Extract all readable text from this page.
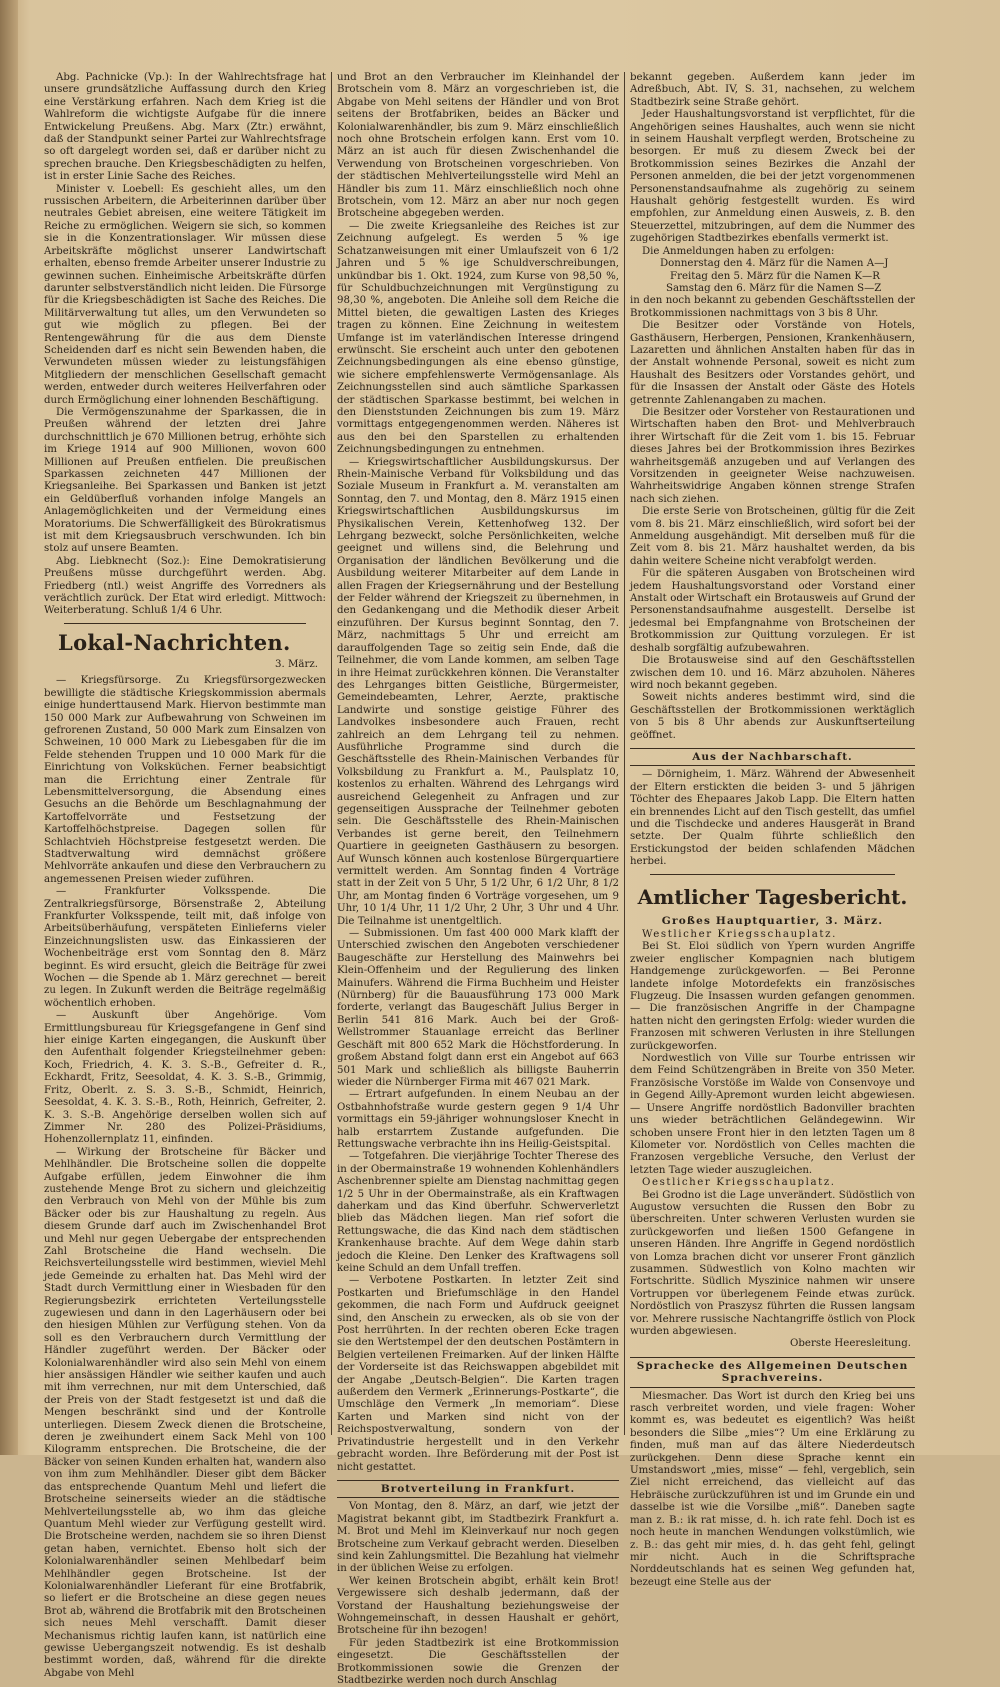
Abg. Pachnicke (Vp.): In der Wahlrechtsfrage hat unsere grundsätzliche Auffassung durch den Krieg eine Verstärkung erfahren. Nach dem Krieg ist die Wahlreform die wichtigste Aufgabe für die innere Entwickelung Preußens. Abg. Marx (Ztr.) erwähnt, daß der Standpunkt seiner Partei zur Wahlrechtsfrage so oft dargelegt worden sei, daß er darüber nicht zu sprechen brauche. Den Kriegsbeschädigten zu helfen, ist in erster Linie Sache des Reiches.

Minister v. Loebell: Es geschieht alles, um den russischen Arbeitern, die Arbeiterinnen darüber über neutrales Gebiet abreisen, eine weitere Tätigkeit im Reiche zu ermöglichen. Weigern sie sich, so kommen sie in die Konzentrationslager. Wir müssen diese Arbeitskräfte möglichst unserer Landwirtschaft erhalten, ebenso fremde Arbeiter unserer Industrie zu gewinnen suchen. Einheimische Arbeitskräfte dürfen darunter selbstverständlich nicht leiden. Die Fürsorge für die Kriegsbeschädigten ist Sache des Reiches. Die Militärverwaltung tut alles, um den Verwundeten so gut wie möglich zu pflegen. Bei der Rentengewährung für die aus dem Dienste Scheidenden darf es nicht sein Bewenden haben, die Verwundeten müssen wieder zu leistungsfähigen Mitgliedern der menschlichen Gesellschaft gemacht werden, entweder durch weiteres Heilverfahren oder durch Ermöglichung einer lohnenden Beschäftigung.

Die Vermögenszunahme der Sparkassen, die in Preußen während der letzten drei Jahre durchschnittlich je 670 Millionen betrug, erhöhte sich im Kriege 1914 auf 900 Millionen, wovon 600 Millionen auf Preußen entfielen. Die preußischen Sparkassen zeichneten 447 Millionen der Kriegsanleihe. Bei Sparkassen und Banken ist jetzt ein Geldüberfluß vorhanden infolge Mangels an Anlagemöglichkeiten und der Vermeidung eines Moratoriums. Die Schwerfälligkeit des Bürokratismus ist mit dem Kriegsausbruch verschwunden. Ich bin stolz auf unsere Beamten.

Abg. Liebknecht (Soz.): Eine Demokratisierung Preußens müsse durchgeführt werden. Abg. Friedberg (ntl.) weist Angriffe des Vorredners als verächtlich zurück. Der Etat wird erledigt. Mittwoch: Weiterberatung. Schluß 1/4 6 Uhr.

Lokal-Nachrichten.
3. März.

— Kriegsfürsorge. Zu Kriegsfürsorgezwecken bewilligte die städtische Kriegskommission abermals einige hunderttausend Mark. Hiervon bestimmte man 150 000 Mark zur Aufbewahrung von Schweinen im gefrorenen Zustand, 50 000 Mark zum Einsalzen von Schweinen, 10 000 Mark zu Liebesgaben für die im Felde stehenden Truppen und 10 000 Mark für die Einrichtung von Volksküchen. Ferner beabsichtigt man die Errichtung einer Zentrale für Lebensmittelversorgung, die Absendung eines Gesuchs an die Behörde um Beschlagnahmung der Kartoffelvorräte und Festsetzung der Kartoffelhöchstpreise. Dagegen sollen für Schlachtvieh Höchstpreise festgesetzt werden. Die Stadtverwaltung wird demnächst größere Mehlvorräte ankaufen und diese den Verbrauchern zu angemessenen Preisen wieder zuführen.

— Frankfurter Volksspende. Die Zentralkriegsfürsorge, Börsenstraße 2, Abteilung Frankfurter Volksspende, teilt mit, daß infolge von Arbeitsüberhäufung, verspäteten Einlieferns vieler Einzeichnungslisten usw. das Einkassieren der Wochenbeiträge erst vom Sonntag den 8. März beginnt. Es wird ersucht, gleich die Beiträge für zwei Wochen — die Spende ab 1. März gerechnet — bereit zu legen. In Zukunft werden die Beiträge regelmäßig wöchentlich erhoben.

— Auskunft über Angehörige. Vom Ermittlungsbureau für Kriegsgefangene in Genf sind hier einige Karten eingegangen, die Auskunft über den Aufenthalt folgender Kriegsteilnehmer geben: Koch, Friedrich, 4. K. 3. S.-B., Gefreiter d. R., Eckhardt, Fritz, Seesoldat, 4. K. 3. S.-B., Grimmig, Fritz, Oberlt. z. S. 3. S.-B., Schmidt, Heinrich, Seesoldat, 4. K. 3. S.-B., Roth, Heinrich, Gefreiter, 2. K. 3. S.-B. Angehörige derselben wollen sich auf Zimmer Nr. 280 des Polizei-Präsidiums, Hohenzollernplatz 11, einfinden.

— Wirkung der Brotscheine für Bäcker und Mehlhändler. Die Brotscheine sollen die doppelte Aufgabe erfüllen, jedem Einwohner die ihm zustehende Menge Brot zu sichern und gleichzeitig den Verbrauch von Mehl von der Mühle bis zum Bäcker oder bis zur Haushaltung zu regeln. Aus diesem Grunde darf auch im Zwischenhandel Brot und Mehl nur gegen Uebergabe der entsprechenden Zahl Brotscheine die Hand wechseln. Die Reichsverteilungsstelle wird bestimmen, wieviel Mehl jede Gemeinde zu erhalten hat. Das Mehl wird der Stadt durch Vermittlung einer in Wiesbaden für den Regierungsbezirk errichteten Verteilungsstelle zugewiesen und dann in den Lagerhäusern oder bei den hiesigen Mühlen zur Verfügung stehen. Von da soll es den Verbrauchern durch Vermittlung der Händler zugeführt werden. Der Bäcker oder Kolonialwarenhändler wird also sein Mehl von einem hier ansässigen Händler wie seither kaufen und auch mit ihm verrechnen, nur mit dem Unterschied, daß der Preis von der Stadt festgesetzt ist und daß die Mengen beschränkt sind und der Kontrolle unterliegen. Diesem Zweck dienen die Brotscheine, deren je zweihundert einem Sack Mehl von 100 Kilogramm entsprechen. Die Brotscheine, die der Bäcker von seinen Kunden erhalten hat, wandern also von ihm zum Mehlhändler. Dieser gibt dem Bäcker das entsprechende Quantum Mehl und liefert die Brotscheine seinerseits wieder an die städtische Mehlverteilungsstelle ab, wo ihm das gleiche Quantum Mehl wieder zur Verfügung gestellt wird. Die Brotscheine werden, nachdem sie so ihren Dienst getan haben, vernichtet. Ebenso holt sich der Kolonialwarenhändler seinen Mehlbedarf beim Mehlhändler gegen Brotscheine. Ist der Kolonialwarenhändler Lieferant für eine Brotfabrik, so liefert er die Brotscheine an diese gegen neues Brot ab, während die Brotfabrik mit den Brotscheinen sich neues Mehl verschafft. Damit dieser Mechanismus richtig laufen kann, ist natürlich eine gewisse Uebergangszeit notwendig. Es ist deshalb bestimmt worden, daß, während für die direkte Abgabe von Mehl

und Brot an den Verbraucher im Kleinhandel der Brotschein vom 8. März an vorgeschrieben ist, die Abgabe von Mehl seitens der Händler und von Brot seitens der Brotfabriken, beides an Bäcker und Kolonialwarenhändler, bis zum 9. März einschließlich noch ohne Brotschein erfolgen kann. Erst vom 10. März an ist auch für diesen Zwischenhandel die Verwendung von Brotscheinen vorgeschrieben. Von der städtischen Mehlverteilungsstelle wird Mehl an Händler bis zum 11. März einschließlich noch ohne Brotschein, vom 12. März an aber nur noch gegen Brotscheine abgegeben werden.

— Die zweite Kriegsanleihe des Reiches ist zur Zeichnung aufgelegt. Es werden 5 % ige Schatzanweisungen mit einer Umlaufszeit von 6 1/2 Jahren und 5 % ige Schuldverschreibungen, unkündbar bis 1. Okt. 1924, zum Kurse von 98,50 %, für Schuldbuchzeichnungen mit Vergünstigung zu 98,30 %, angeboten. Die Anleihe soll dem Reiche die Mittel bieten, die gewaltigen Lasten des Krieges tragen zu können. Eine Zeichnung in weitestem Umfange ist im vaterländischen Interesse dringend erwünscht. Sie erscheint auch unter den gebotenen Zeichnungsbedingungen als eine ebenso günstige, wie sichere empfehlenswerte Vermögensanlage. Als Zeichnungsstellen sind auch sämtliche Sparkassen der städtischen Sparkasse bestimmt, bei welchen in den Dienststunden Zeichnungen bis zum 19. März vormittags entgegengenommen werden. Näheres ist aus den bei den Sparstellen zu erhaltenden Zeichnungsbedingungen zu entnehmen.

— Kriegswirtschaftlicher Ausbildungskursus. Der Rhein-Mainische Verband für Volksbildung und das Soziale Museum in Frankfurt a. M. veranstalten am Sonntag, den 7. und Montag, den 8. März 1915 einen Kriegswirtschaftlichen Ausbildungskursus im Physikalischen Verein, Kettenhofweg 132. Der Lehrgang bezweckt, solche Persönlichkeiten, welche geeignet und willens sind, die Belehrung und Organisation der ländlichen Bevölkerung und die Ausbildung weiterer Mitarbeiter auf dem Lande in allen Fragen der Kriegsernährung und der Bestellung der Felder während der Kriegszeit zu übernehmen, in den Gedankengang und die Methodik dieser Arbeit einzuführen. Der Kursus beginnt Sonntag, den 7. März, nachmittags 5 Uhr und erreicht am darauffolgenden Tage so zeitig sein Ende, daß die Teilnehmer, die vom Lande kommen, am selben Tage in ihre Heimat zurückkehren können. Die Veranstalter des Lehrganges bitten Geistliche, Bürgermeister, Gemeindebeamten, Lehrer, Aerzte, praktische Landwirte und sonstige geistige Führer des Landvolkes insbesondere auch Frauen, recht zahlreich an dem Lehrgang teil zu nehmen. Ausführliche Programme sind durch die Geschäftsstelle des Rhein-Mainischen Verbandes für Volksbildung zu Frankfurt a. M., Paulsplatz 10, kostenlos zu erhalten. Während des Lehrgangs wird ausreichend Gelegenheit zu Anfragen und zur gegenseitigen Aussprache der Teilnehmer geboten sein. Die Geschäftsstelle des Rhein-Mainischen Verbandes ist gerne bereit, den Teilnehmern Quartiere in geeigneten Gasthäusern zu besorgen. Auf Wunsch können auch kostenlose Bürgerquartiere vermittelt werden. Am Sonntag finden 4 Vorträge statt in der Zeit von 5 Uhr, 5 1/2 Uhr, 6 1/2 Uhr, 8 1/2 Uhr, am Montag finden 6 Vorträge vorgesehen, um 9 Uhr, 10 1/4 Uhr, 11 1/2 Uhr, 2 Uhr, 3 Uhr und 4 Uhr. Die Teilnahme ist unentgeltlich.

— Submissionen. Um fast 400 000 Mark klafft der Unterschied zwischen den Angeboten verschiedener Baugeschäfte zur Herstellung des Mainwehrs bei Klein-Offenheim und der Regulierung des linken Mainufers. Während die Firma Buchheim und Heister (Nürnberg) für die Bauausführung 173 000 Mark forderte, verlangt das Baugeschäft Julius Berger in Berlin 541 816 Mark. Auch bei der Groß-Wellstrommer Stauanlage erreicht das Berliner Geschäft mit 800 652 Mark die Höchstforderung. In großem Abstand folgt dann erst ein Angebot auf 663 501 Mark und schließlich als billigste Bauherrin wieder die Nürnberger Firma mit 467 021 Mark.

— Ertrart aufgefunden. In einem Neubau an der Ostbahnhofstraße wurde gestern gegen 9 1/4 Uhr vormittags ein 59-jähriger wohnungsloser Knecht in halb erstarrtem Zustande aufgefunden. Die Rettungswache verbrachte ihn ins Heilig-Geistspital.

— Totgefahren. Die vierjährige Tochter Therese des in der Obermainstraße 19 wohnenden Kohlenhändlers Aschenbrenner spielte am Dienstag nachmittag gegen 1/2 5 Uhr in der Obermainstraße, als ein Kraftwagen daherkam und das Kind überfuhr. Schwerverletzt blieb das Mädchen liegen. Man rief sofort die Rettungswache, die das Kind nach dem städtischen Krankenhause brachte. Auf dem Wege dahin starb jedoch die Kleine. Den Lenker des Kraftwagens soll keine Schuld an dem Unfall treffen.

— Verbotene Postkarten. In letzter Zeit sind Postkarten und Briefumschläge in den Handel gekommen, die nach Form und Aufdruck geeignet sind, den Anschein zu erwecken, als ob sie von der Post herrührten. In der rechten oberen Ecke tragen sie den Wertstempel der den deutschen Postämtern in Belgien verteilenen Freimarken. Auf der linken Hälfte der Vorderseite ist das Reichswappen abgebildet mit der Angabe „Deutsch-Belgien“. Die Karten tragen außerdem den Vermerk „Erinnerungs-Postkarte“, die Umschläge den Vermerk „In memoriam“. Diese Karten und Marken sind nicht von der Reichspostverwaltung, sondern von der Privatindustrie hergestellt und in den Verkehr gebracht worden. Ihre Beförderung mit der Post ist nicht gestattet.

Brotverteilung in Frankfurt.

Von Montag, den 8. März, an darf, wie jetzt der Magistrat bekannt gibt, im Stadtbezirk Frankfurt a. M. Brot und Mehl im Kleinverkauf nur noch gegen Brotscheine zum Verkauf gebracht werden. Dieselben sind kein Zahlungsmittel. Die Bezahlung hat vielmehr in der üblichen Weise zu erfolgen.

Wer keinen Brotschein abgibt, erhält kein Brot! Vergewissere sich deshalb jedermann, daß der Vorstand der Haushaltung beziehungsweise der Wohngemeinschaft, in dessen Haushalt er gehört, Brotscheine für ihn bezogen!

Für jeden Stadtbezirk ist eine Brotkommission eingesetzt. Die Geschäftsstellen der Brotkommissionen sowie die Grenzen der Stadtbezirke werden noch durch Anschlag

bekannt gegeben. Außerdem kann jeder im Adreßbuch, Abt. IV, S. 31, nachsehen, zu welchem Stadtbezirk seine Straße gehört.

Jeder Haushaltungsvorstand ist verpflichtet, für die Angehörigen seines Haushaltes, auch wenn sie nicht in seinem Haushalt verpflegt werden, Brotscheine zu besorgen. Er muß zu diesem Zweck bei der Brotkommission seines Bezirkes die Anzahl der Personen anmelden, die bei der jetzt vorgenommenen Personenstandsaufnahme als zugehörig zu seinem Haushalt gehörig festgestellt wurden. Es wird empfohlen, zur Anmeldung einen Ausweis, z. B. den Steuerzettel, mitzubringen, auf dem die Nummer des zugehörigen Stadtbezirkes ebenfalls vermerkt ist.

Die Anmeldungen haben zu erfolgen:

Donnerstag den 4. März für die Namen A—J

Freitag den 5. März für die Namen K—R

Samstag den 6. März für die Namen S—Z

in den noch bekannt zu gebenden Geschäftsstellen der Brotkommissionen nachmittags von 3 bis 8 Uhr.

Die Besitzer oder Vorstände von Hotels, Gasthäusern, Herbergen, Pensionen, Krankenhäusern, Lazaretten und ähnlichen Anstalten haben für das in der Anstalt wohnende Personal, soweit es nicht zum Haushalt des Besitzers oder Vorstandes gehört, und für die Insassen der Anstalt oder Gäste des Hotels getrennte Zahlenangaben zu machen.

Die Besitzer oder Vorsteher von Restaurationen und Wirtschaften haben den Brot- und Mehlverbrauch ihrer Wirtschaft für die Zeit vom 1. bis 15. Februar dieses Jahres bei der Brotkommission ihres Bezirkes wahrheitsgemäß anzugeben und auf Verlangen des Vorsitzenden in geeigneter Weise nachzuweisen. Wahrheitswidrige Angaben können strenge Strafen nach sich ziehen.

Die erste Serie von Brotscheinen, gültig für die Zeit vom 8. bis 21. März einschließlich, wird sofort bei der Anmeldung ausgehändigt. Mit derselben muß für die Zeit vom 8. bis 21. März haushaltet werden, da bis dahin weitere Scheine nicht verabfolgt werden.

Für die späteren Ausgaben von Brotscheinen wird jedem Haushaltungsvorstand oder Vorstand einer Anstalt oder Wirtschaft ein Brotausweis auf Grund der Personenstandsaufnahme ausgestellt. Derselbe ist jedesmal bei Empfangnahme von Brotscheinen der Brotkommission zur Quittung vorzulegen. Er ist deshalb sorgfältig aufzubewahren.

Die Brotausweise sind auf den Geschäftsstellen zwischen dem 10. und 16. März abzuholen. Näheres wird noch bekannt gegeben.

Soweit nichts anderes bestimmt wird, sind die Geschäftsstellen der Brotkommissionen werktäglich von 5 bis 8 Uhr abends zur Auskunftserteilung geöffnet.

Aus der Nachbarschaft.

— Dörnigheim, 1. März. Während der Abwesenheit der Eltern erstickten die beiden 3- und 5 jährigen Töchter des Ehepaares Jakob Lapp. Die Eltern hatten ein brennendes Licht auf den Tisch gestellt, das umfiel und die Tischdecke und anderes Hausgerät in Brand setzte. Der Qualm führte schließlich den Erstickungstod der beiden schlafenden Mädchen herbei.

Amtlicher Tagesbericht.
Großes Hauptquartier, 3. März.

Westlicher Kriegsschauplatz.

Bei St. Eloi südlich von Ypern wurden Angriffe zweier englischer Kompagnien nach blutigem Handgemenge zurückgeworfen. — Bei Peronne landete infolge Motordefekts ein französisches Flugzeug. Die Insassen wurden gefangen genommen. — Die französischen Angriffe in der Champagne hatten nicht den geringsten Erfolg: wieder wurden die Franzosen mit schweren Verlusten in ihre Stellungen zurückgeworfen.

Nordwestlich von Ville sur Tourbe entrissen wir dem Feind Schützengräben in Breite von 350 Meter. Französische Vorstöße im Walde von Consenvoye und in Gegend Ailly-Apremont wurden leicht abgewiesen. — Unsere Angriffe nordöstlich Badonviller brachten uns wieder beträchtlichen Geländegewinn. Wir schoben unsere Front hier in den letzten Tagen um 8 Kilometer vor. Nordöstlich von Celles machten die Franzosen vergebliche Versuche, den Verlust der letzten Tage wieder auszugleichen.

Oestlicher Kriegsschauplatz.

Bei Grodno ist die Lage unverändert. Südöstlich von Augustow versuchten die Russen den Bobr zu überschreiten. Unter schweren Verlusten wurden sie zurückgeworfen und ließen 1500 Gefangene in unseren Händen. Ihre Angriffe in Gegend nordöstlich von Lomza brachen dicht vor unserer Front gänzlich zusammen. Südwestlich von Kolno machten wir Fortschritte. Südlich Myszinice nahmen wir unsere Vortruppen vor überlegenem Feinde etwas zurück. Nordöstlich von Praszysz führten die Russen langsam vor. Mehrere russische Nachtangriffe östlich von Plock wurden abgewiesen.

Oberste Heeresleitung.
Sprachecke des Allgemeinen Deutschen Sprachvereins.

Miesmacher. Das Wort ist durch den Krieg bei uns rasch verbreitet worden, und viele fragen: Woher kommt es, was bedeutet es eigentlich? Was heißt besonders die Silbe „mies“? Um eine Erklärung zu finden, muß man auf das ältere Niederdeutsch zurückgehen. Denn diese Sprache kennt ein Umstandswort „mies, misse“ — fehl, vergeblich, sein Ziel nicht erreichend, das vielleicht auf das Hebräische zurückzuführen ist und im Grunde ein und dasselbe ist wie die Vorsilbe „miß“. Daneben sagte man z. B.: ik rat misse, d. h. ich rate fehl. Doch ist es noch heute in manchen Wendungen volkstümlich, wie z. B.: das geht mir mies, d. h. das geht fehl, gelingt mir nicht. Auch in die Schriftsprache Norddeutschlands hat es seinen Weg gefunden hat, bezeugt eine Stelle aus der
